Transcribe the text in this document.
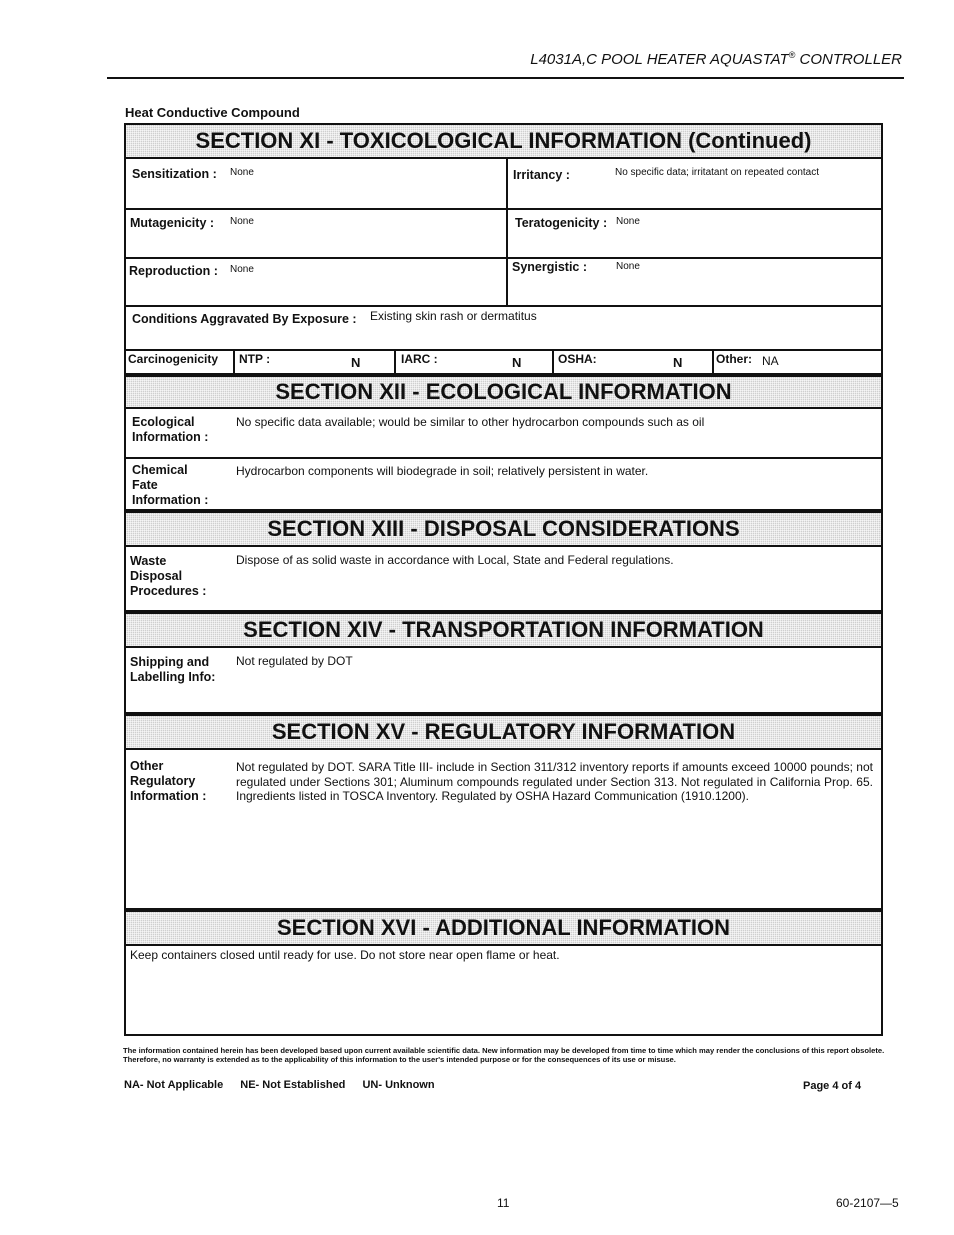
L4031A,C POOL HEATER AQUASTAT® CONTROLLER
Heat Conductive Compound
SECTION XI - TOXICOLOGICAL INFORMATION (Continued)
Sensitization : None	Irritancy :	No specific data; irritatant on repeated contact
Mutagenicity : None	Teratogenicity : None
Reproduction : None	Synergistic :	None
Conditions Aggravated By Exposure : Existing skin rash or dermatitus
Carcinogenicity NTP :	N	IARC :	N	OSHA:	N	Other: NA
SECTION XII - ECOLOGICAL INFORMATION
Ecological
Information :
No specific data available; would be similar to other hydrocarbon compounds such as oil
Chemical
Fate
Information :
Hydrocarbon components will biodegrade in soil; relatively persistent in water.
SECTION XIII - DISPOSAL CONSIDERATIONS
Waste
Disposal
Procedures :
Dispose of as solid waste in accordance with Local, State and Federal regulations.
SECTION XIV - TRANSPORTATION INFORMATION
Shipping and
Labelling Info:
Not regulated by DOT
SECTION XV - REGULATORY INFORMATION
Other
Regulatory
Information :
Not regulated by DOT. SARA Title III- include in Section 311/312 inventory reports if amounts exceed 10000 pounds; not regulated under Sections 301; Aluminum compounds regulated under Section 313. Not regulated in California Prop. 65. Ingredients listed in TOSCA Inventory. Regulated by OSHA Hazard Communication (1910.1200).
SECTION XVI - ADDITIONAL INFORMATION
Keep containers closed until ready for use. Do not store near open flame or heat.
The information contained herein has been developed based upon current available scientific data. New information may be developed from time to time which may render the conclusions of this report obsolete. Therefore, no warranty is extended as to the applicability of this information to the user's intended purpose or for the consequences of its use or misuse.
NA- Not Applicable NE- Not Established UN- Unknown	Page 4 of 4
11	60-2107—5
